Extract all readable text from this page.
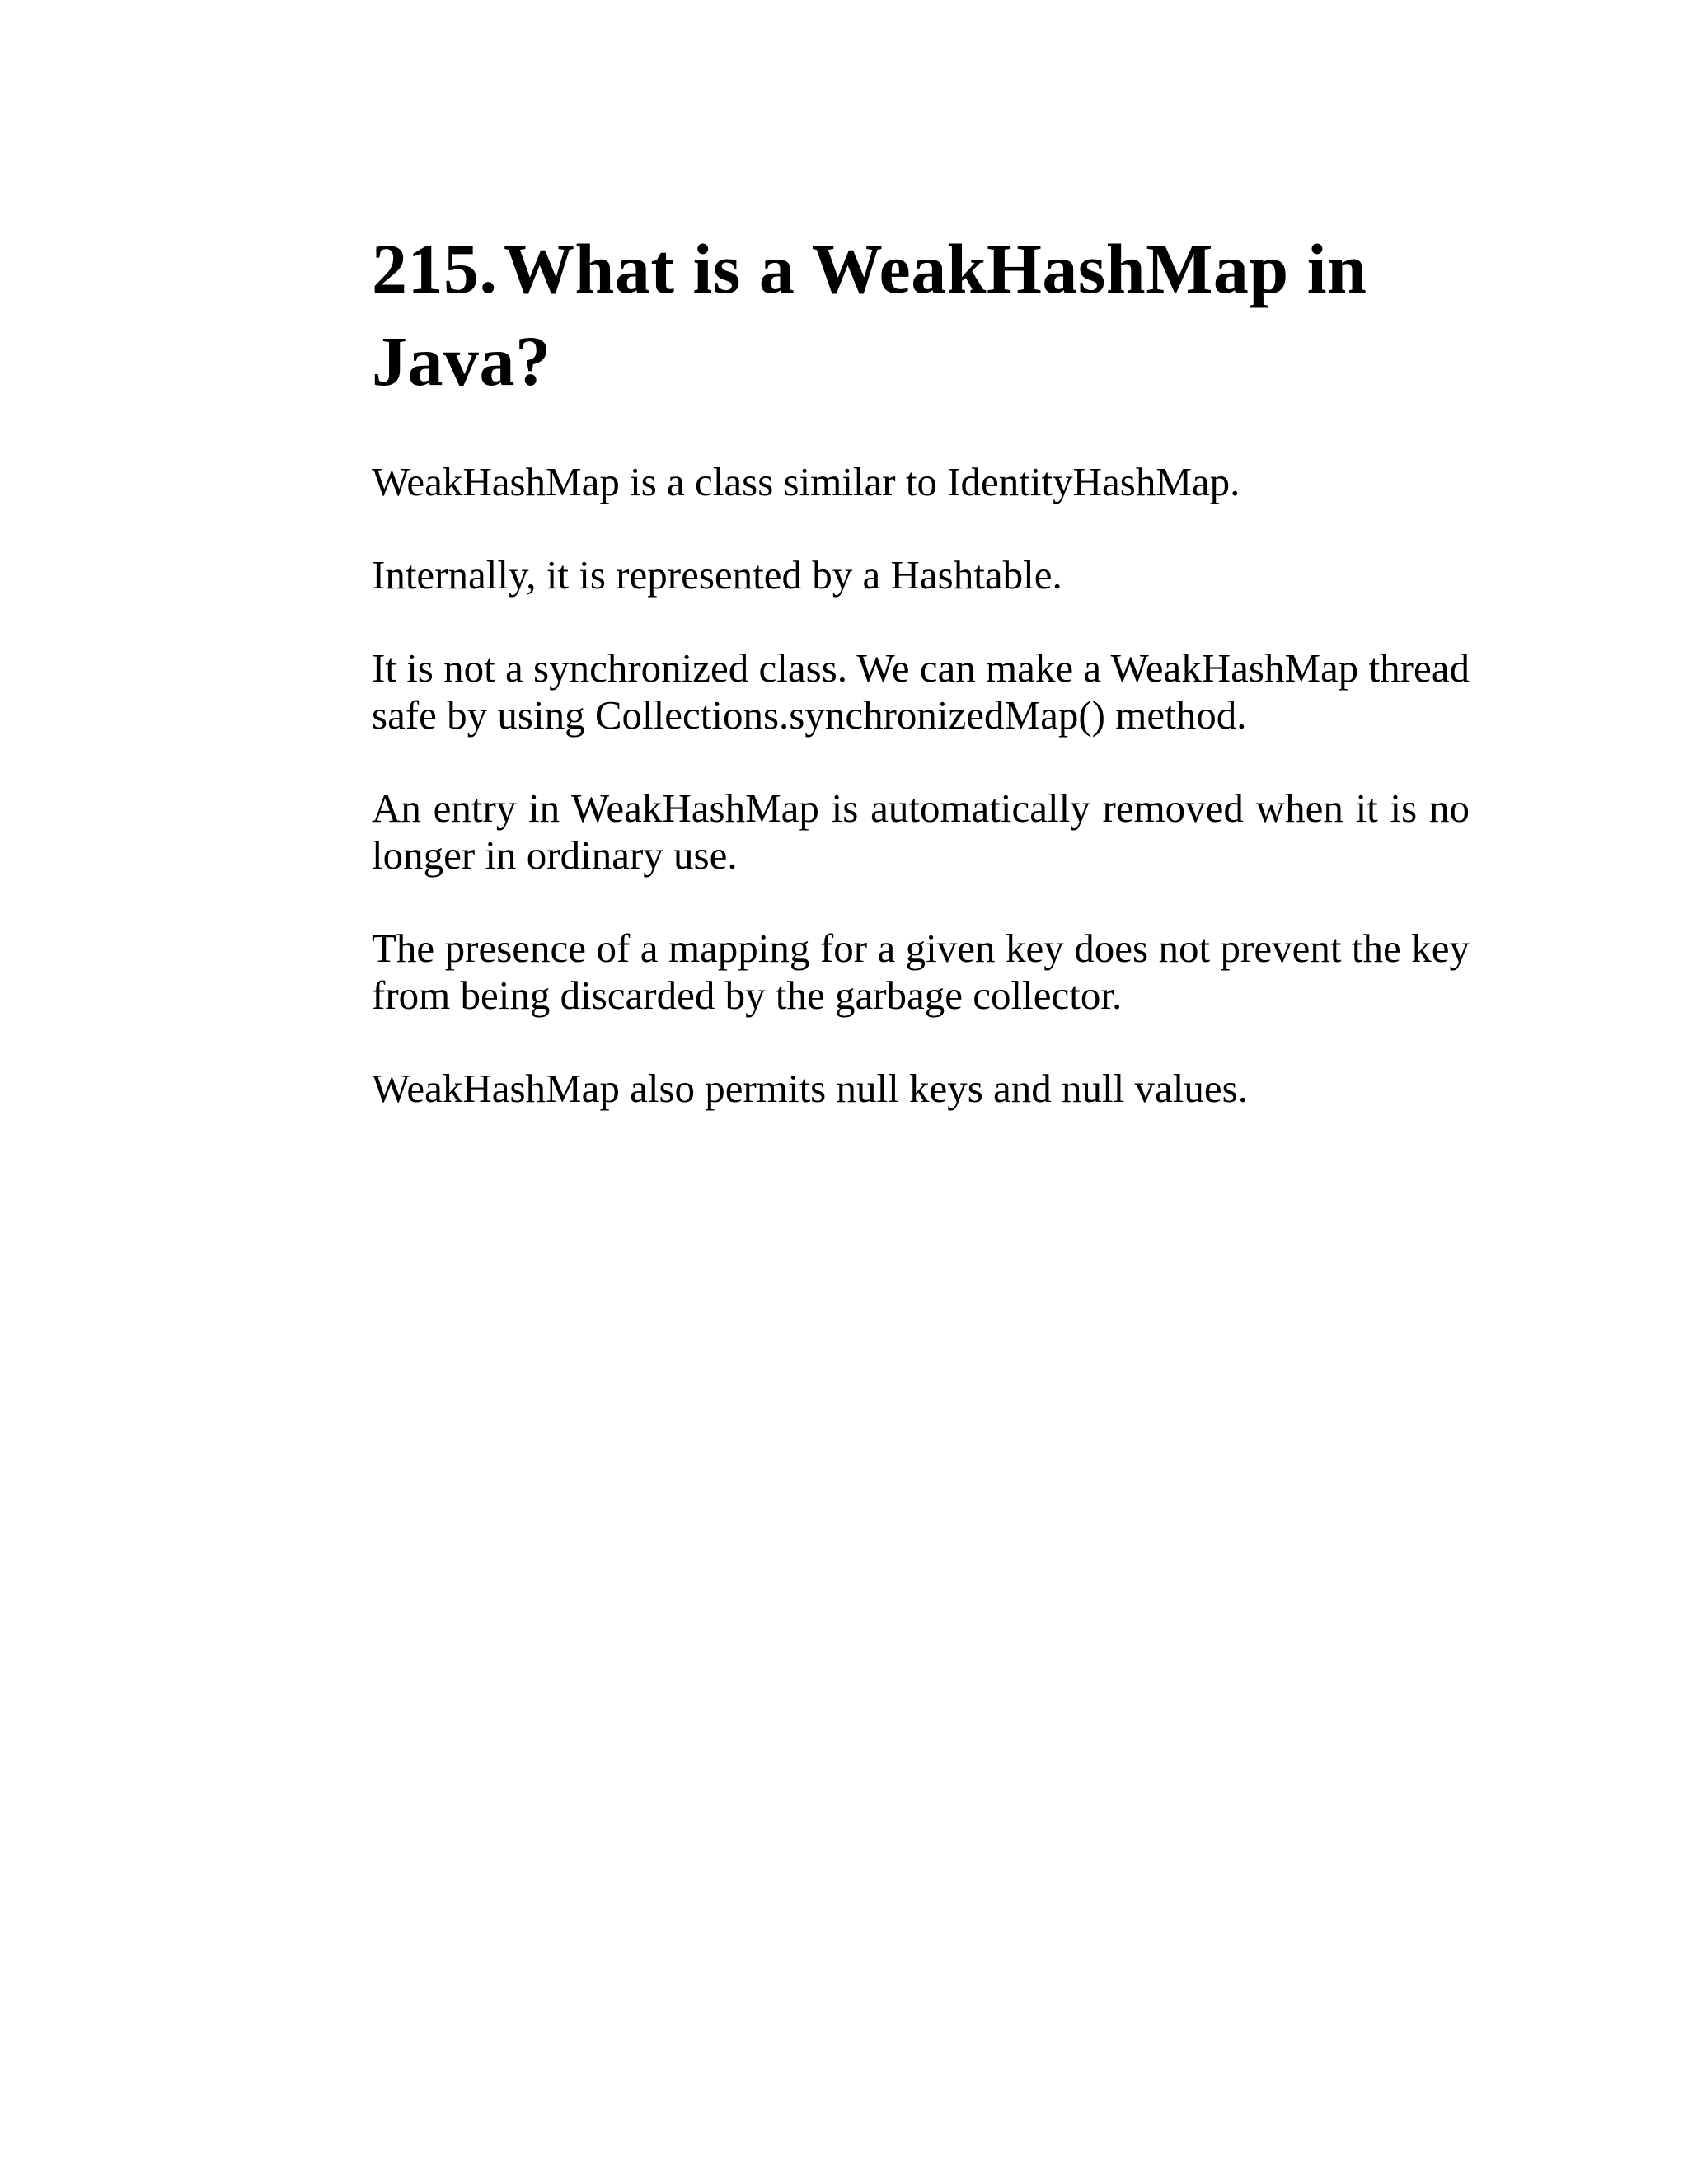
215.What is a WeakHashMap in Java?

WeakHashMap is a class similar to IdentityHashMap.

Internally, it is represented by a Hashtable.

It is not a synchronized class. We can make a WeakHashMap thread safe by using Collections.synchronizedMap() method.

An entry in WeakHashMap is automatically removed when it is no longer in ordinary use.

The presence of a mapping for a given key does not prevent the key from being discarded by the garbage collector.

WeakHashMap also permits null keys and null values.
